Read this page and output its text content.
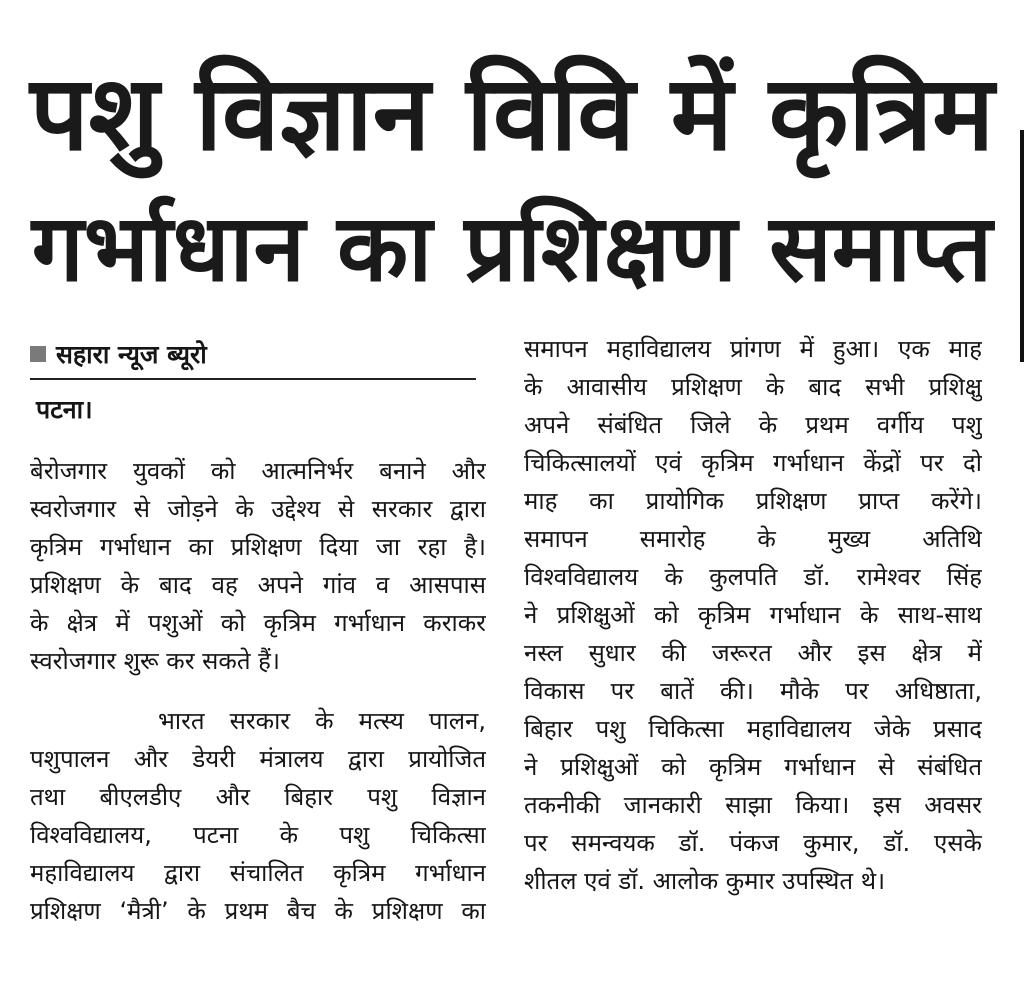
पशु विज्ञान विवि में कृत्रिम
गर्भाधान का प्रशिक्षण समाप्त
सहारा न्यूज ब्यूरो
पटना।
बेरोजगार युवकों को आत्मनिर्भर बनाने और
स्वरोजगार से जोड़ने के उद्देश्य से सरकार द्वारा
कृत्रिम गर्भाधान का प्रशिक्षण दिया जा रहा है।
प्रशिक्षण के बाद वह अपने गांव व आसपास
के क्षेत्र में पशुओं को कृत्रिम गर्भाधान कराकर
स्वरोजगार शुरू कर सकते हैं।
भारत सरकार के मत्स्य पालन,
पशुपालन और डेयरी मंत्रालय द्वारा प्रायोजित
तथा बीएलडीए और बिहार पशु विज्ञान
विश्वविद्यालय, पटना के पशु चिकित्सा
महाविद्यालय द्वारा संचालित कृत्रिम गर्भाधान
प्रशिक्षण ‘मैत्री’ के प्रथम बैच के प्रशिक्षण का
समापन महाविद्यालय प्रांगण में हुआ। एक माह
के आवासीय प्रशिक्षण के बाद सभी प्रशिक्षु
अपने संबंधित जिले के प्रथम वर्गीय पशु
चिकित्सालयों एवं कृत्रिम गर्भाधान केंद्रों पर दो
माह का प्रायोगिक प्रशिक्षण प्राप्त करेंगे।
समापन समारोह के मुख्य अतिथि
विश्वविद्यालय के कुलपति डॉ. रामेश्वर सिंह
ने प्रशिक्षुओं को कृत्रिम गर्भाधान के साथ-साथ
नस्ल सुधार की जरूरत और इस क्षेत्र में
विकास पर बातें की। मौके पर अधिष्ठाता,
बिहार पशु चिकित्सा महाविद्यालय जेके प्रसाद
ने प्रशिक्षुओं को कृत्रिम गर्भाधान से संबंधित
तकनीकी जानकारी साझा किया। इस अवसर
पर समन्वयक डॉ. पंकज कुमार, डॉ. एसके
शीतल एवं डॉ. आलोक कुमार उपस्थित थे।
